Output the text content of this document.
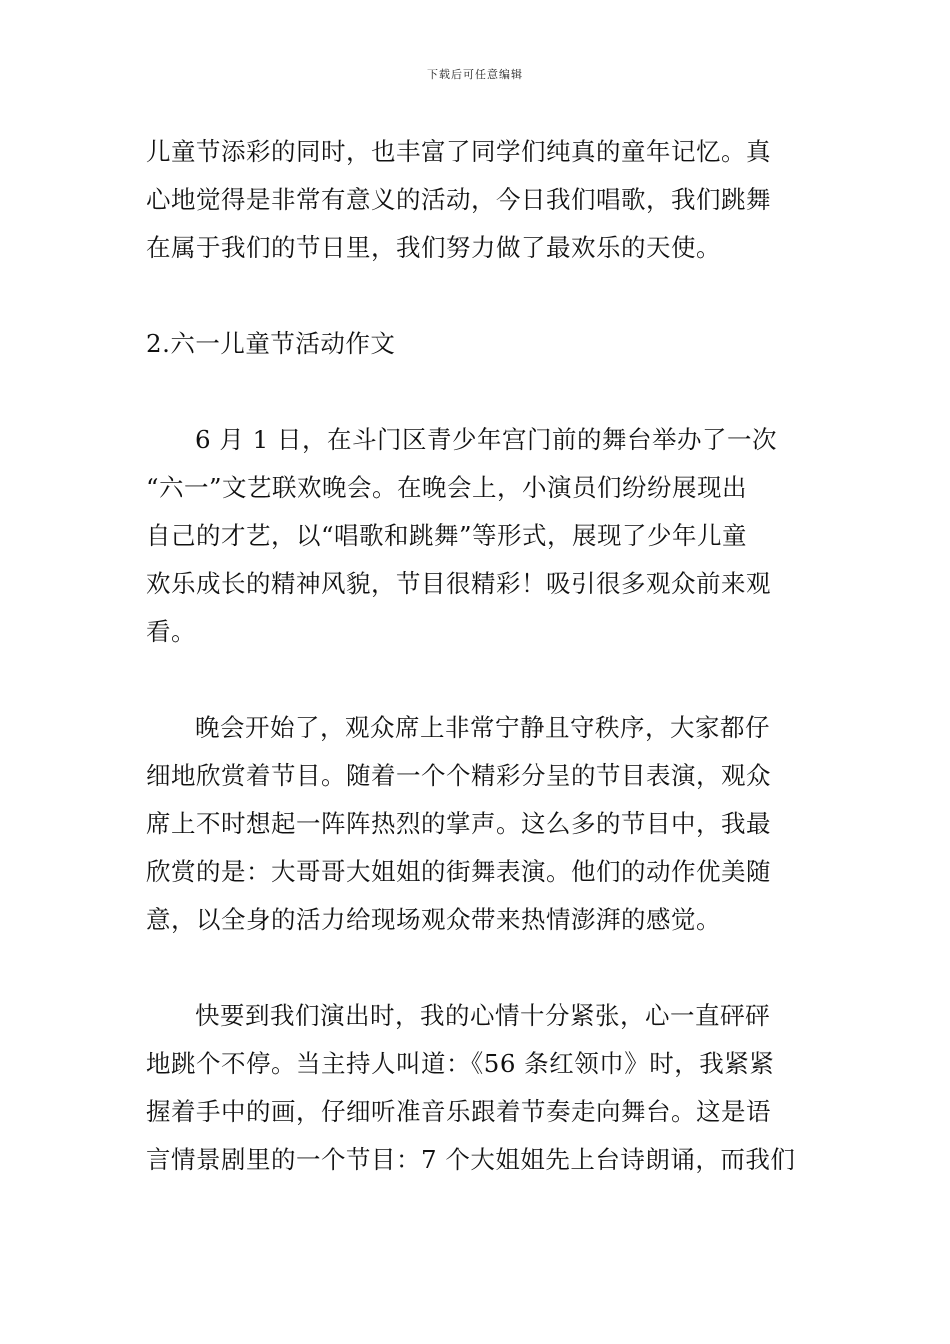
下载后可任意编辑
儿童节添彩的同时，也丰富了同学们纯真的童年记忆。真
心地觉得是非常有意义的活动，今日我们唱歌，我们跳舞
在属于我们的节日里，我们努力做了最欢乐的天使。
2.六一儿童节活动作文
6 月 1 日，在斗门区青少年宫门前的舞台举办了一次
“六一”文艺联欢晚会。在晚会上，小演员们纷纷展现出
自己的才艺，以“唱歌和跳舞”等形式，展现了少年儿童
欢乐成长的精神风貌，节目很精彩！吸引很多观众前来观
看。
晚会开始了，观众席上非常宁静且守秩序，大家都仔
细地欣赏着节目。随着一个个精彩分呈的节目表演，观众
席上不时想起一阵阵热烈的掌声。这么多的节目中，我最
欣赏的是：大哥哥大姐姐的街舞表演。他们的动作优美随
意，以全身的活力给现场观众带来热情澎湃的感觉。
快要到我们演出时，我的心情十分紧张，心一直砰砰
地跳个不停。当主持人叫道：《56 条红领巾》时，我紧紧
握着手中的画，仔细听准音乐跟着节奏走向舞台。这是语
言情景剧里的一个节目：7 个大姐姐先上台诗朗诵，而我们
